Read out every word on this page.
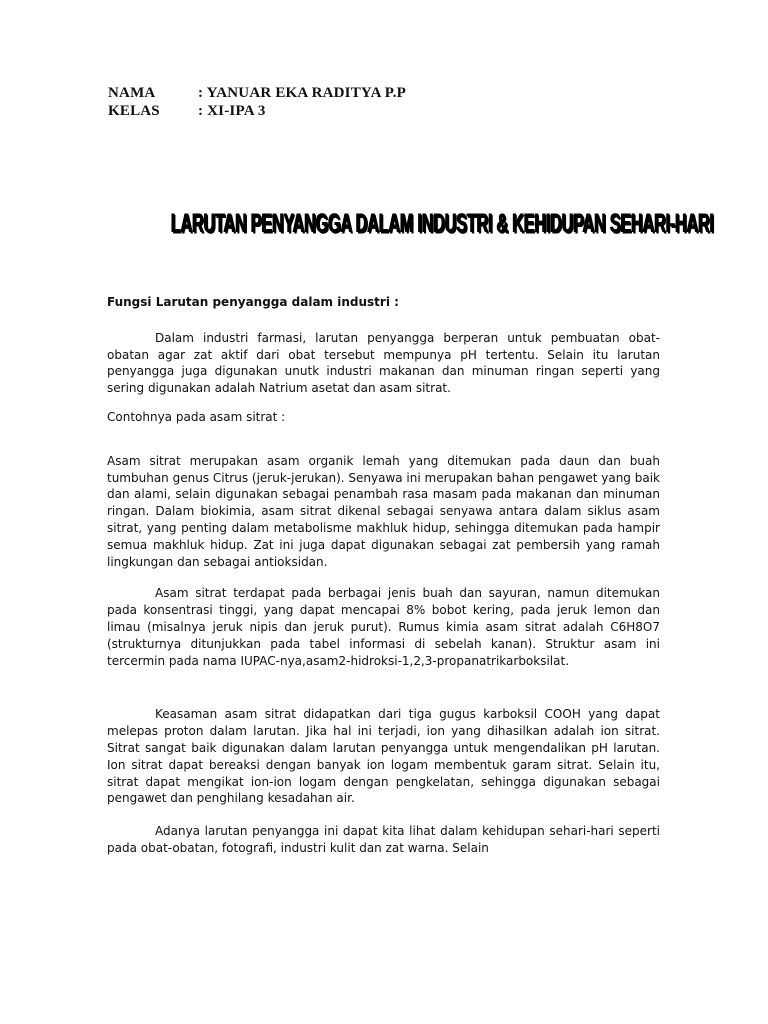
NAMA	: YANUAR EKA RADITYA P.P
KELAS	: XI-IPA 3
LARUTAN PENYANGGA DALAM INDUSTRI & KEHIDUPAN SEHARI-HARI

Fungsi Larutan penyangga dalam industri :

Dalam industri farmasi, larutan penyangga berperan untuk pembuatan obat-obatan agar zat aktif dari obat tersebut mempunya pH tertentu. Selain itu larutan penyangga juga digunakan unutk industri makanan dan minuman ringan seperti yang sering digunakan adalah Natrium asetat dan asam sitrat.

Contohnya pada asam sitrat :

Asam sitrat merupakan asam organik lemah yang ditemukan pada daun dan buah tumbuhan genus Citrus (jeruk-jerukan). Senyawa ini merupakan bahan pengawet yang baik dan alami, selain digunakan sebagai penambah rasa masam pada makanan dan minuman ringan. Dalam biokimia, asam sitrat dikenal sebagai senyawa antara dalam siklus asam sitrat, yang penting dalam metabolisme makhluk hidup, sehingga ditemukan pada hampir semua makhluk hidup. Zat ini juga dapat digunakan sebagai zat pembersih yang ramah lingkungan dan sebagai antioksidan.

Asam sitrat terdapat pada berbagai jenis buah dan sayuran, namun ditemukan pada konsentrasi tinggi, yang dapat mencapai 8% bobot kering, pada jeruk lemon dan limau (misalnya jeruk nipis dan jeruk purut). Rumus kimia asam sitrat adalah C6H8O7 (strukturnya ditunjukkan pada tabel informasi di sebelah kanan). Struktur asam ini tercermin pada nama IUPAC-nya,asam2-hidroksi-1,2,3-propanatrikarboksilat.

Keasaman asam sitrat didapatkan dari tiga gugus karboksil COOH yang dapat melepas proton dalam larutan. Jika hal ini terjadi, ion yang dihasilkan adalah ion sitrat. Sitrat sangat baik digunakan dalam larutan penyangga untuk mengendalikan pH larutan. Ion sitrat dapat bereaksi dengan banyak ion logam membentuk garam sitrat. Selain itu, sitrat dapat mengikat ion-ion logam dengan pengkelatan, sehingga digunakan sebagai pengawet dan penghilang kesadahan air.

Adanya larutan penyangga ini dapat kita lihat dalam kehidupan sehari-hari seperti pada obat-obatan, fotografi, industri kulit dan zat warna. Selain
